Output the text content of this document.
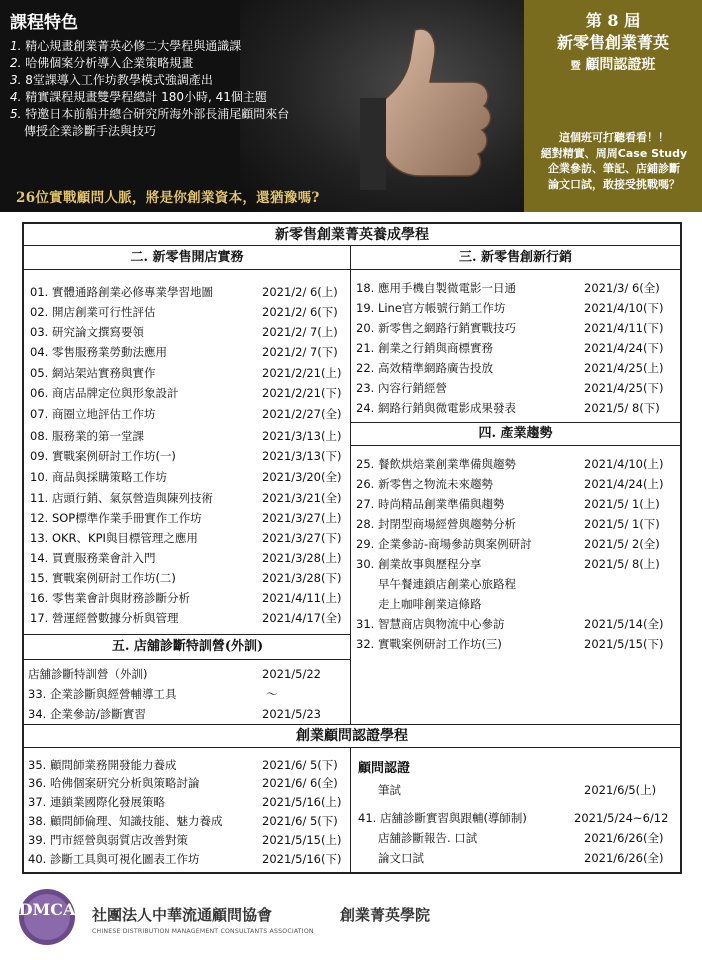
課程特色
1. 精心規畫創業菁英必修二大學程與通識課
2. 哈佛個案分析導入企業策略規畫
3. 8堂課導入工作坊教學模式強調產出
4. 精實課程規畫雙學程總計 180小時, 41個主題
5. 特邀日本前船井總合研究所海外部長浦尾顧問來台
傳授企業診斷手法與技巧
26位實戰顧問人脈，將是你創業資本，還猶豫嗎?
第 8 屆
新零售創業菁英
暨 顧問認證班
這個班可打聽看看！！
絕對精實、周周Case Study
企業參訪、筆記、店鋪診斷
論文口試，敢接受挑戰嗎？
新零售創業菁英養成學程
二. 新零售開店實務	三. 新零售創新行銷
01. 實體通路創業必修專業學習地圖	2021/2/ 6(上)
02. 開店創業可行性評估	2021/2/ 6(下)
03. 研究論文撰寫要領	2021/2/ 7(上)
04. 零售服務業勞動法應用	2021/2/ 7(下)
05. 網站架站實務與實作	2021/2/21(上)
06. 商店品牌定位與形象設計	2021/2/21(下)
07. 商圈立地評估工作坊	2021/2/27(全)
08. 服務業的第一堂課	2021/3/13(上)
09. 實戰案例研討工作坊(一)	2021/3/13(下)
10. 商品與採購策略工作坊	2021/3/20(全)
11. 店頭行銷、氣氛營造與陳列技術	2021/3/21(全)
12. SOP標準作業手冊實作工作坊	2021/3/27(上)
13. OKR、KPI與目標管理之應用	2021/3/27(下)
14. 買賣服務業會計入門	2021/3/28(上)
15. 實戰案例研討工作坊(二)	2021/3/28(下)
16. 零售業會計與財務診斷分析	2021/4/11(上)
17. 營運經營數據分析與管理	2021/4/17(全)
18. 應用手機自製微電影一日通	2021/3/ 6(全)
19. Line官方帳號行銷工作坊	2021/4/10(下)
20. 新零售之網路行銷實戰技巧	2021/4/11(下)
21. 創業之行銷與商標實務	2021/4/24(下)
22. 高效精準網路廣告投放	2021/4/25(上)
23. 內容行銷經營	2021/4/25(下)
24. 網路行銷與微電影成果發表	2021/5/ 8(下)
四. 產業趨勢
25. 餐飲烘焙業創業準備與趨勢	2021/4/10(上)
26. 新零售之物流未來趨勢	2021/4/24(上)
27. 時尚精品創業準備與趨勢	2021/5/ 1(上)
28. 封閉型商場經營與趨勢分析	2021/5/ 1(下)
29. 企業參訪-商場參訪與案例研討	2021/5/ 2(全)
30. 創業故事與歷程分享	2021/5/ 8(上)
早午餐連鎖店創業心旅路程
走上咖啡創業這條路
31. 智慧商店與物流中心參訪	2021/5/14(全)
32. 實戰案例研討工作坊(三)	2021/5/15(下)
五. 店舖診斷特訓營(外訓)
店舖診斷特訓營（外訓)	2021/5/22
33. 企業診斷與經營輔導工具	～
34. 企業參訪/診斷實習	2021/5/23
創業顧問認證學程
35. 顧問師業務開發能力養成	2021/6/ 5(下)
36. 哈佛個案研究分析與策略討論	2021/6/ 6(全)
37. 連鎖業國際化發展策略	2021/5/16(上)
38. 顧問師倫理、知識技能、魅力養成	2021/6/ 5(下)
39. 門市經營與弱質店改善對策	2021/5/15(上)
40. 診斷工具與可視化圖表工作坊	2021/5/16(下)
顧問認證
筆試	2021/6/5(上)
41. 店舖診斷實習與跟輔(導師制)	2021/5/24~6/12
店舖診斷報告. 口試	2021/6/26(全)
論文口試	2021/6/26(全)
DMCA 社團法人中華流通顧問協會
CHINESE DISTRIBUTION MANAGEMENT CONSULTANTS ASSOCIATION
創業菁英學院
